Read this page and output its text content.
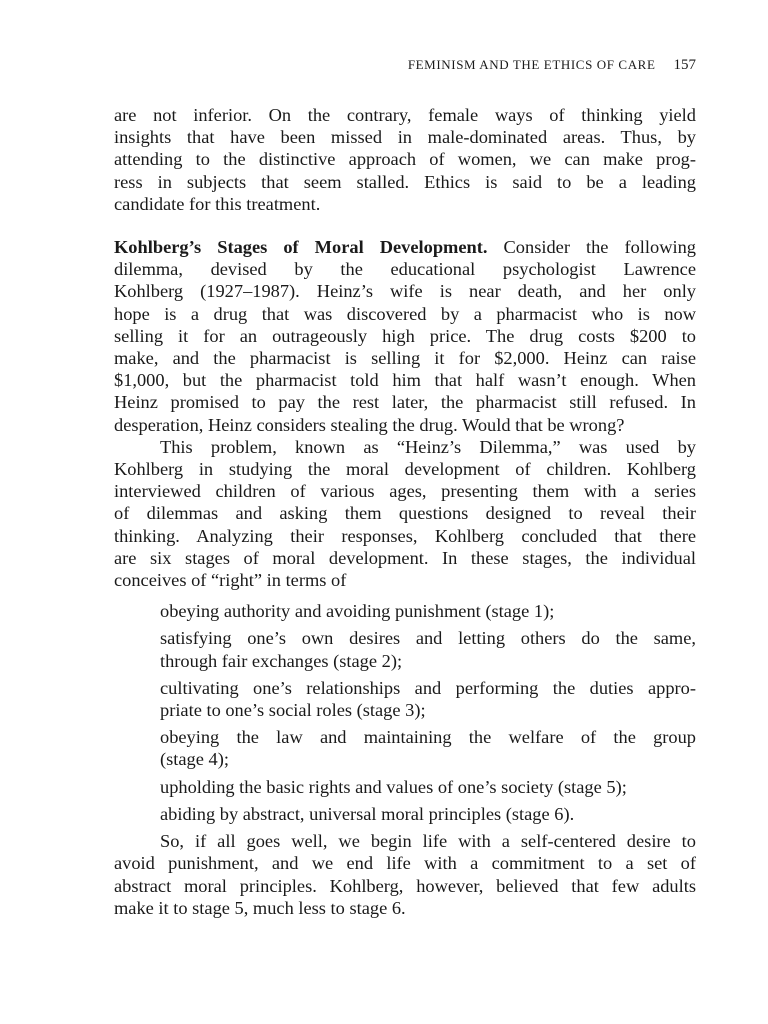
FEMINISM AND THE ETHICS OF CARE 157

are not inferior. On the contrary, female ways of thinking yield
insights that have been missed in male-dominated areas. Thus, by
attending to the distinctive approach of women, we can make prog-
ress in subjects that seem stalled. Ethics is said to be a leading
candidate for this treatment.

Kohlberg’s Stages of Moral Development. Consider the following
dilemma, devised by the educational psychologist Lawrence
Kohlberg (1927–1987). Heinz’s wife is near death, and her only
hope is a drug that was discovered by a pharmacist who is now
selling it for an outrageously high price. The drug costs $200 to
make, and the pharmacist is selling it for $2,000. Heinz can raise
$1,000, but the pharmacist told him that half wasn’t enough. When
Heinz promised to pay the rest later, the pharmacist still refused. In
desperation, Heinz considers stealing the drug. Would that be wrong?

This problem, known as “Heinz’s Dilemma,” was used by
Kohlberg in studying the moral development of children. Kohlberg
interviewed children of various ages, presenting them with a series
of dilemmas and asking them questions designed to reveal their
thinking. Analyzing their responses, Kohlberg concluded that there
are six stages of moral development. In these stages, the individual
conceives of “right” in terms of

obeying authority and avoiding punishment (stage 1);
satisfying one’s own desires and letting others do the same,
through fair exchanges (stage 2);
cultivating one’s relationships and performing the duties appro-
priate to one’s social roles (stage 3);
obeying the law and maintaining the welfare of the group
(stage 4);
upholding the basic rights and values of one’s society (stage 5);
abiding by abstract, universal moral principles (stage 6).

So, if all goes well, we begin life with a self-centered desire to
avoid punishment, and we end life with a commitment to a set of
abstract moral principles. Kohlberg, however, believed that few adults
make it to stage 5, much less to stage 6.
